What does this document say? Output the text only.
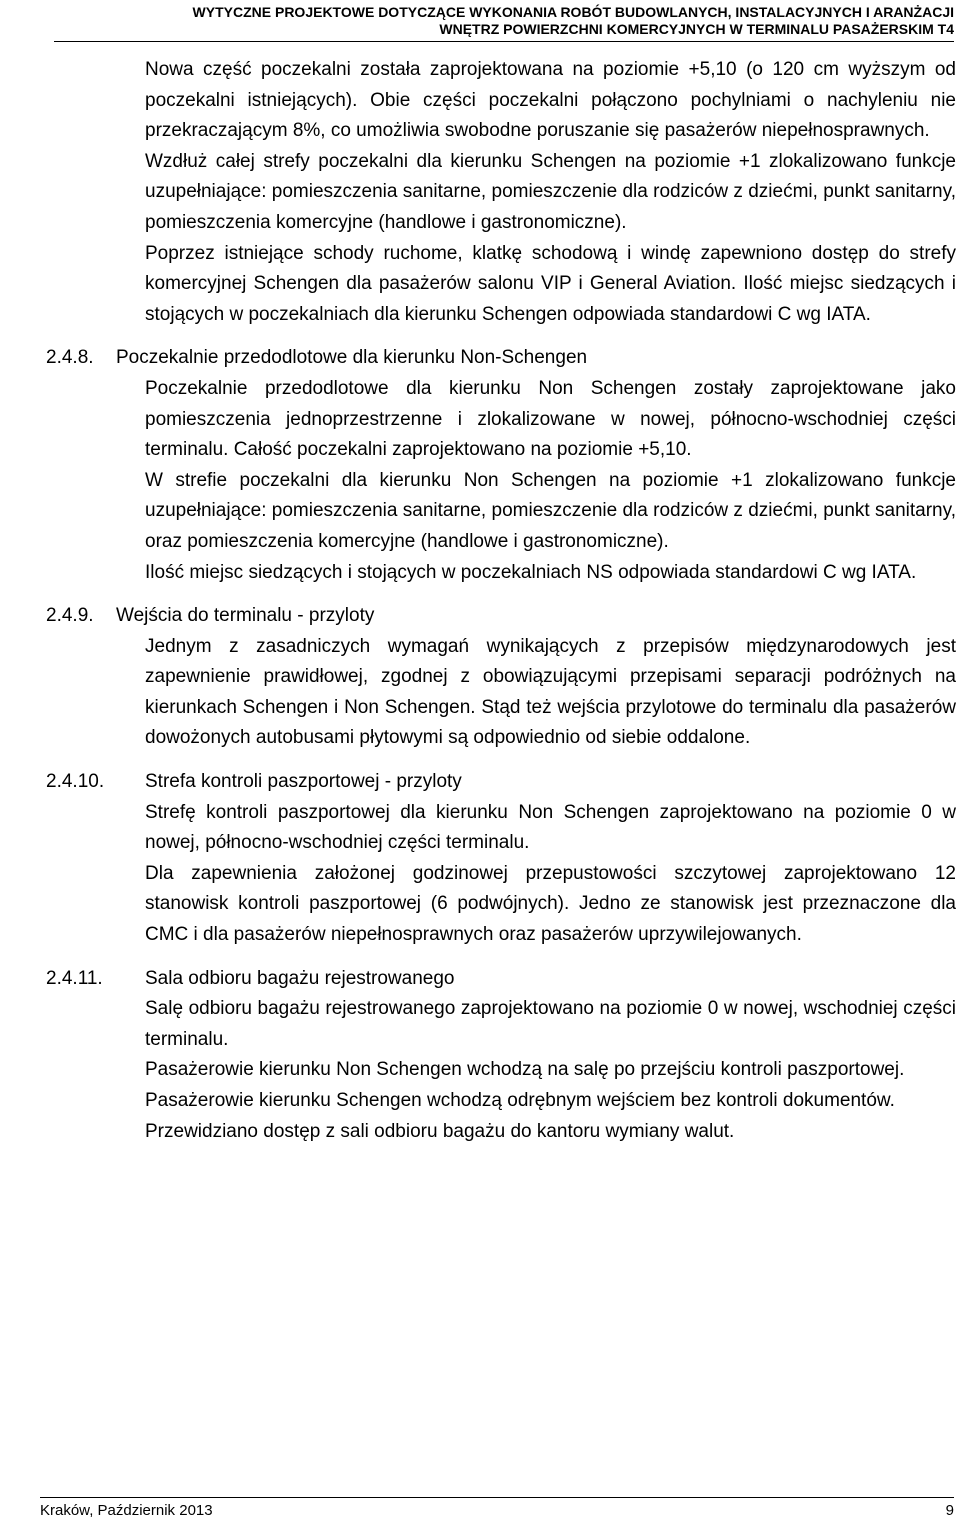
WYTYCZNE PROJEKTOWE DOTYCZĄCE WYKONANIA ROBÓT BUDOWLANYCH, INSTALACYJNYCH I ARANŻACJI
WNĘTRZ POWIERZCHNI KOMERCYJNYCH W TERMINALU PASAŻERSKIM T4
Nowa część poczekalni została zaprojektowana na poziomie +5,10 (o 120 cm wyższym od poczekalni istniejących). Obie części poczekalni połączono pochylniami o nachyleniu nie przekraczającym 8%, co umożliwia swobodne poruszanie się pasażerów niepełnosprawnych.
Wzdłuż całej strefy poczekalni dla kierunku Schengen na poziomie +1 zlokalizowano funkcje uzupełniające: pomieszczenia sanitarne, pomieszczenie dla rodziców z dziećmi, punkt sanitarny, pomieszczenia komercyjne (handlowe i gastronomiczne).
Poprzez istniejące schody ruchome, klatkę schodową i windę zapewniono dostęp do strefy komercyjnej Schengen dla pasażerów salonu VIP i General Aviation. Ilość miejsc siedzących i stojących w poczekalniach dla kierunku Schengen odpowiada standardowi C wg IATA.
2.4.8.	Poczekalnie przedodlotowe dla kierunku Non-Schengen
Poczekalnie przedodlotowe dla kierunku Non Schengen zostały zaprojektowane jako pomieszczenia jednoprzestrzenne i zlokalizowane w nowej, północno-wschodniej części terminalu. Całość poczekalni zaprojektowano na poziomie +5,10.
W strefie poczekalni dla kierunku Non Schengen na poziomie +1 zlokalizowano funkcje uzupełniające: pomieszczenia sanitarne, pomieszczenie dla rodziców z dziećmi, punkt sanitarny, oraz pomieszczenia komercyjne (handlowe i gastronomiczne).
Ilość miejsc siedzących i stojących w poczekalniach NS odpowiada standardowi C wg IATA.
2.4.9.	Wejścia do terminalu - przyloty
Jednym z zasadniczych wymagań wynikających z przepisów międzynarodowych jest zapewnienie prawidłowej, zgodnej z obowiązującymi przepisami separacji podróżnych na kierunkach Schengen i Non Schengen. Stąd też wejścia przylotowe do terminalu dla pasażerów dowożonych autobusami płytowymi są odpowiednio od siebie oddalone.
2.4.10.	Strefa kontroli paszportowej - przyloty
Strefę kontroli paszportowej dla kierunku Non Schengen zaprojektowano na poziomie 0 w nowej, północno-wschodniej części terminalu.
Dla zapewnienia założonej godzinowej przepustowości szczytowej zaprojektowano 12 stanowisk kontroli paszportowej (6 podwójnych). Jedno ze stanowisk jest przeznaczone dla CMC i dla pasażerów niepełnosprawnych oraz pasażerów uprzywilejowanych.
2.4.11.	Sala odbioru bagażu rejestrowanego
Salę odbioru bagażu rejestrowanego zaprojektowano na poziomie 0 w nowej, wschodniej części terminalu.
Pasażerowie kierunku Non Schengen wchodzą na salę po przejściu kontroli paszportowej.
Pasażerowie kierunku Schengen wchodzą odrębnym wejściem bez kontroli dokumentów.
Przewidziano dostęp z sali odbioru bagażu do kantoru wymiany walut.
Kraków, Październik 2013	9
